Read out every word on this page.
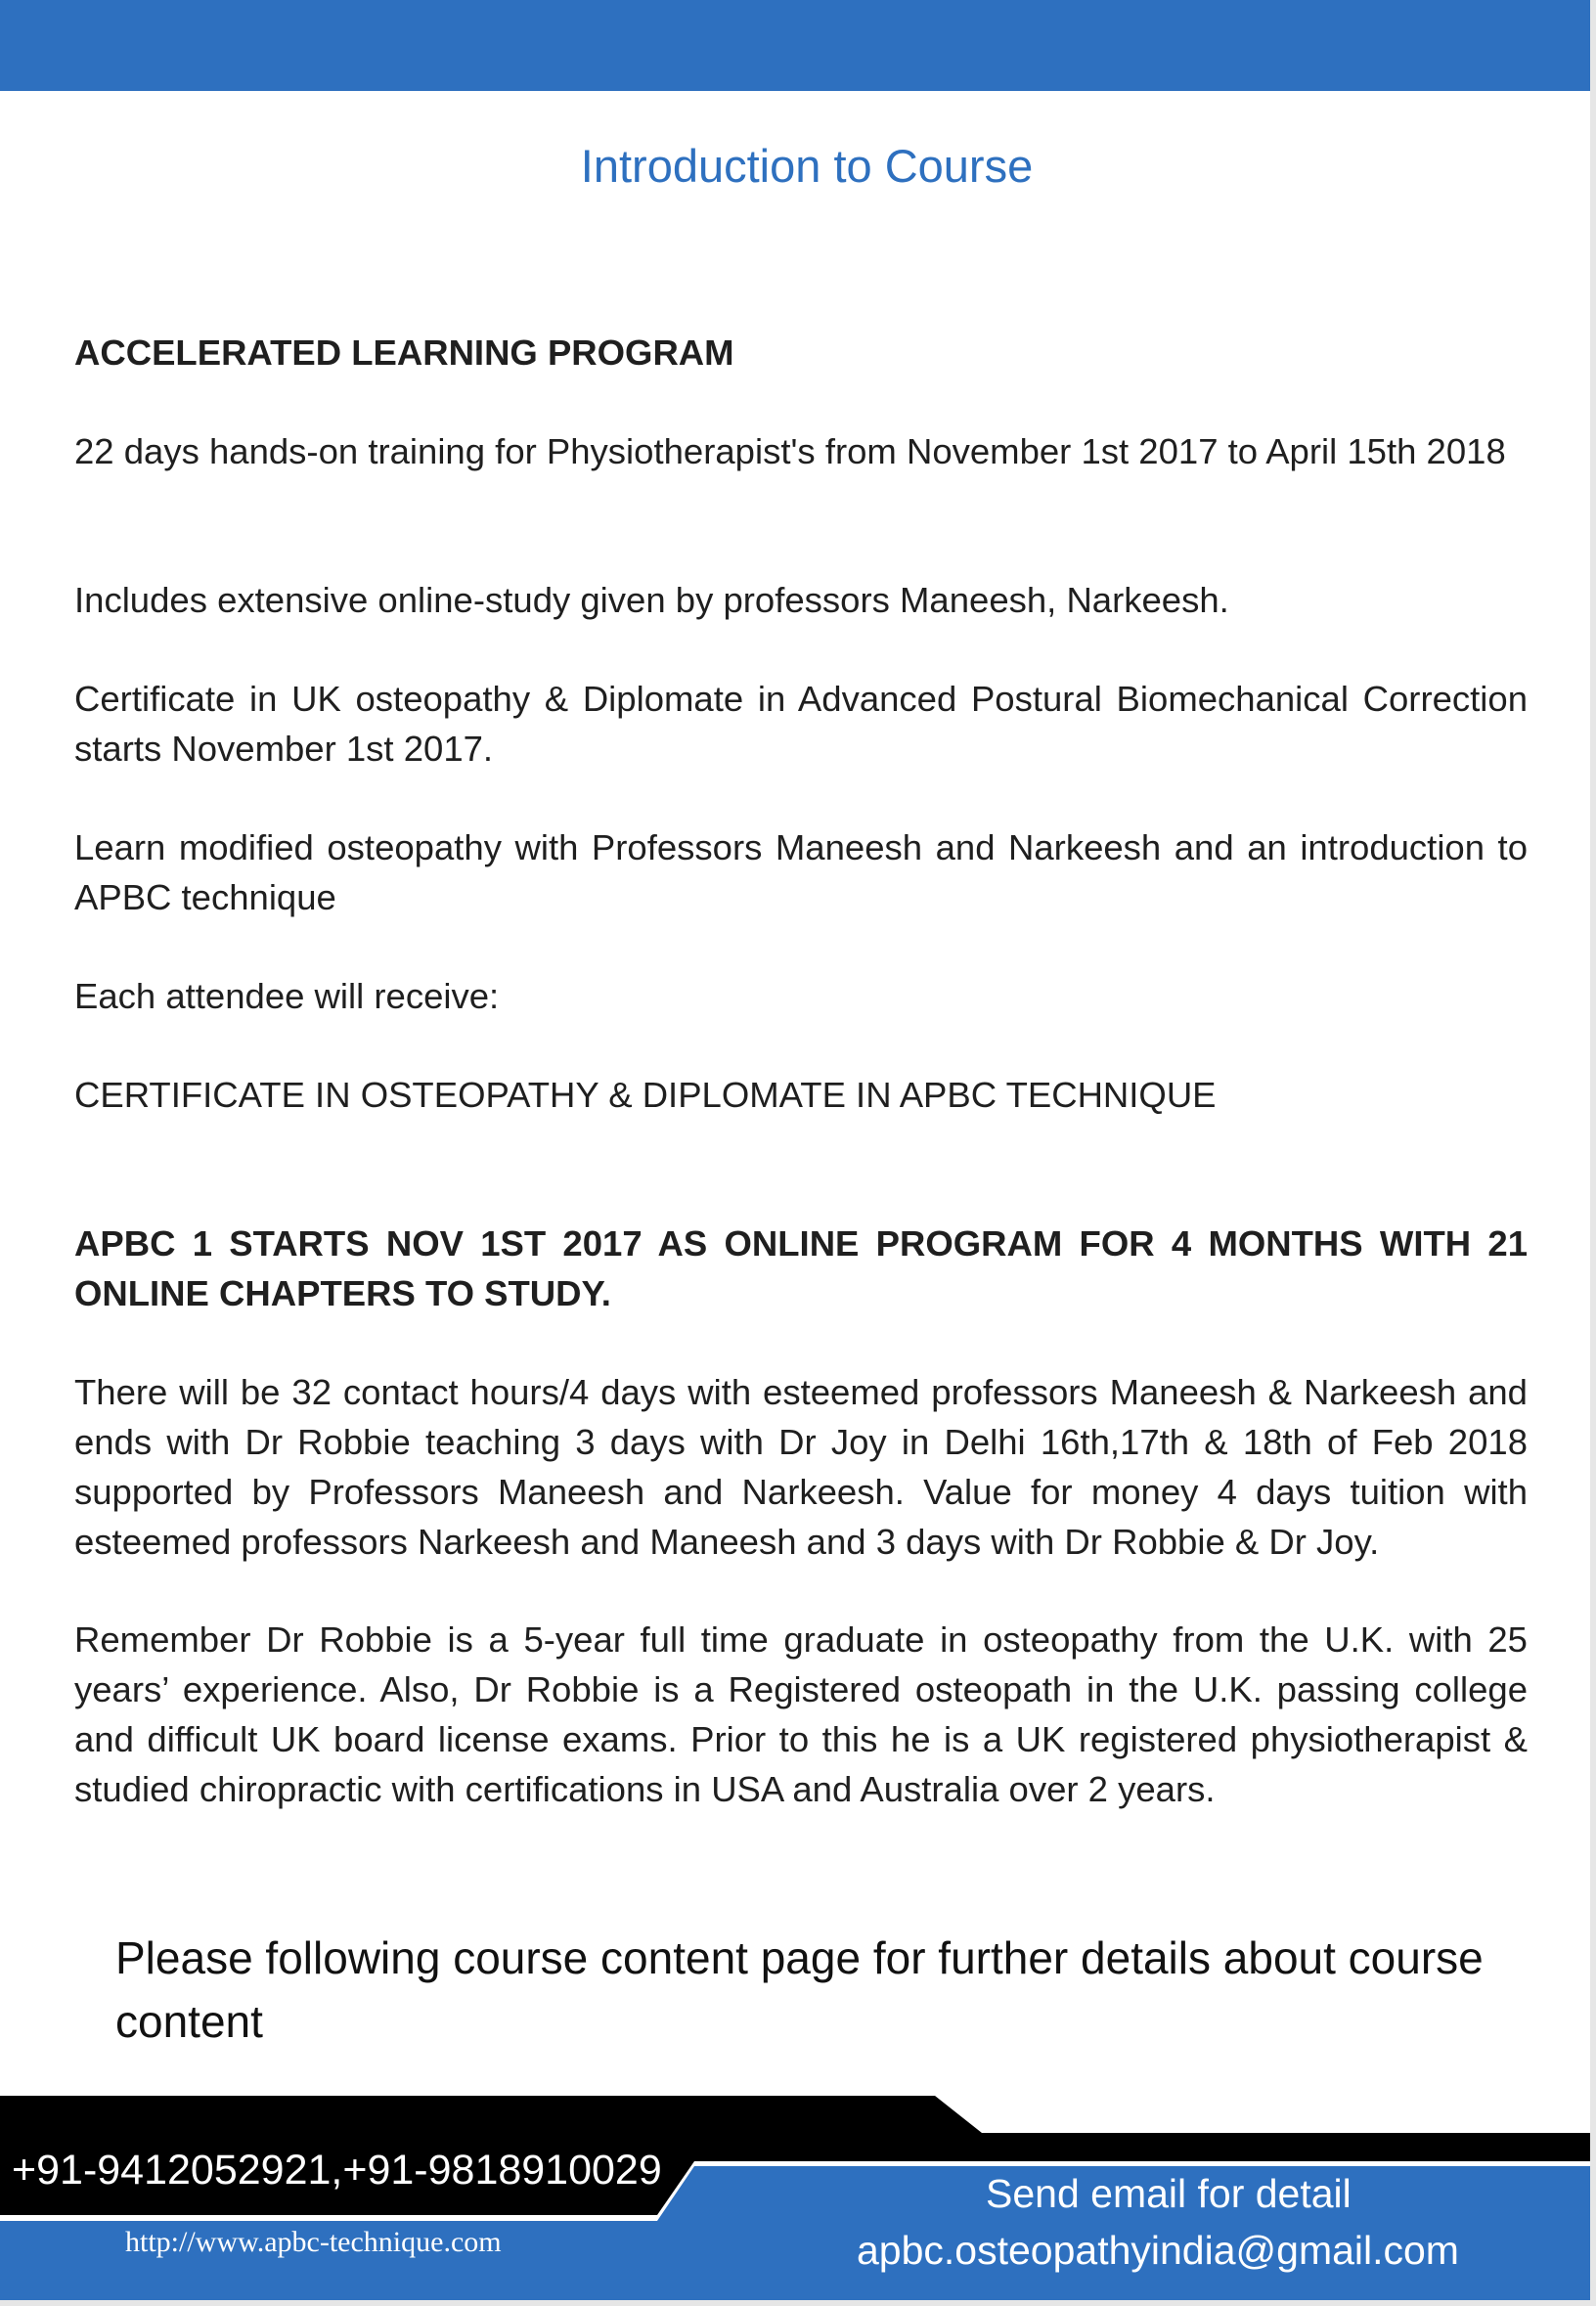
Introduction to Course
ACCELERATED LEARNING PROGRAM
22 days hands-on training for Physiotherapist's from November 1st 2017 to April 15th 2018
Includes extensive online-study given by professors Maneesh, Narkeesh.
Certificate in UK osteopathy & Diplomate in Advanced Postural Biomechanical Correction starts November 1st 2017.
Learn modified osteopathy with Professors Maneesh and Narkeesh and an introduction to APBC technique
Each attendee will receive:
CERTIFICATE IN OSTEOPATHY & DIPLOMATE IN APBC TECHNIQUE
APBC 1 STARTS NOV 1ST 2017 AS ONLINE PROGRAM FOR 4 MONTHS WITH 21 ONLINE CHAPTERS TO STUDY.
There will be 32 contact hours/4 days with esteemed professors Maneesh & Narkeesh and ends with Dr Robbie teaching 3 days with Dr Joy in Delhi 16th,17th & 18th of Feb 2018 supported by Professors Maneesh and Narkeesh. Value for money 4 days tuition with esteemed professors Narkeesh and Maneesh and 3 days with Dr Robbie & Dr Joy.
Remember Dr Robbie is a 5-year full time graduate in osteopathy from the U.K. with 25 years’ experience. Also, Dr Robbie is a Registered osteopath in the U.K. passing college and difficult UK board license exams. Prior to this he is a UK registered physiotherapist & studied chiropractic with certifications in USA and Australia over 2 years.
Please following course content page for further details about course content
+91-9412052921,+91-9818910029
http://www.apbc-technique.com
Send email for detail
apbc.osteopathyindia@gmail.com
